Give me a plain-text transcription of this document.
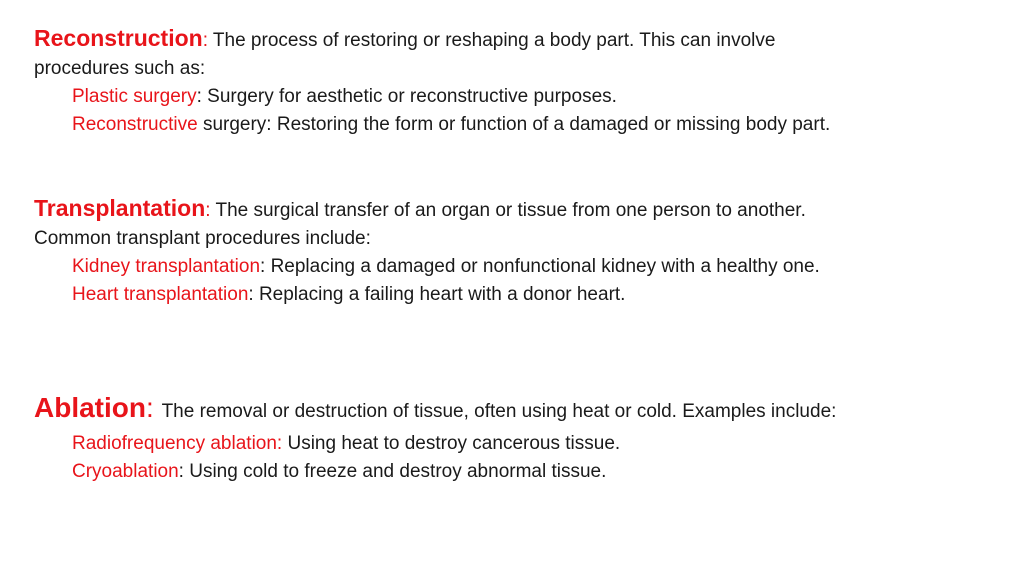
Reconstruction: The process of restoring or reshaping a body part. This can involve
procedures such as:
Plastic surgery: Surgery for aesthetic or reconstructive purposes.
Reconstructive surgery: Restoring the form or function of a damaged or missing body part.
Transplantation: The surgical transfer of an organ or tissue from one person to another.
Common transplant procedures include:
Kidney transplantation: Replacing a damaged or nonfunctional kidney with a healthy one.
Heart transplantation: Replacing a failing heart with a donor heart.
Ablation: The removal or destruction of tissue, often using heat or cold. Examples include:
Radiofrequency ablation: Using heat to destroy cancerous tissue.
Cryoablation: Using cold to freeze and destroy abnormal tissue.
